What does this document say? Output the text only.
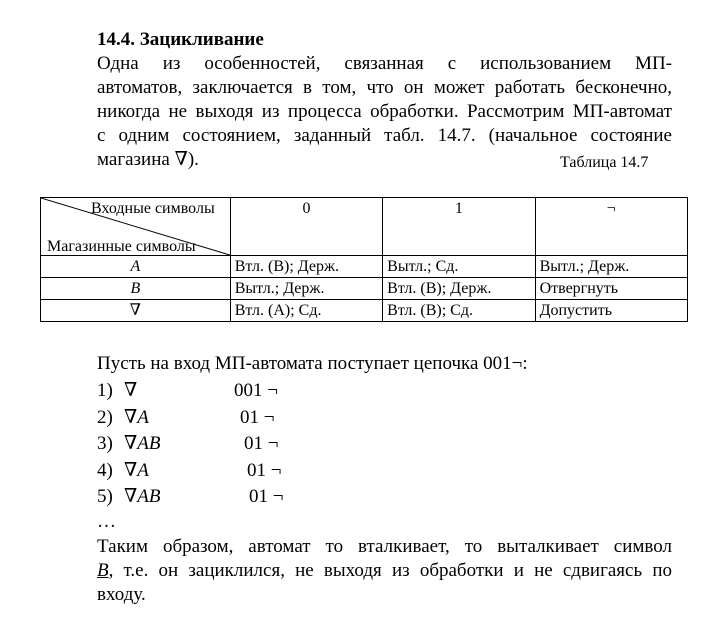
14.4. Зацикливание
Одна из особенностей, связанная с использованием МП-
автоматов, заключается в том, что он может работать бесконечно,
никогда не выходя из процесса обработки. Рассмотрим МП-автомат
с одним состоянием, заданный табл. 14.7. (начальное состояние
магазина ∇).	Таблица 14.7
Входные символы
Магазинные символы	0	1	¬
A	Втл. (B); Держ.	Вытл.; Сд.	Вытл.; Держ.
B	Вытл.; Держ.	Втл. (B); Держ.	Отвергнуть
∇	Втл. (A); Сд.	Втл. (B); Сд.	Допустить
Пусть на вход МП-автомата поступает цепочка 001¬:
1) ∇	001 ¬
2) ∇A	01 ¬
3) ∇AB	01 ¬
4) ∇A	01 ¬
5) ∇AB	01 ¬
…
Таким образом, автомат то вталкивает, то выталкивает символ
B, т.е. он зациклился, не выходя из обработки и не сдвигаясь по
входу.
